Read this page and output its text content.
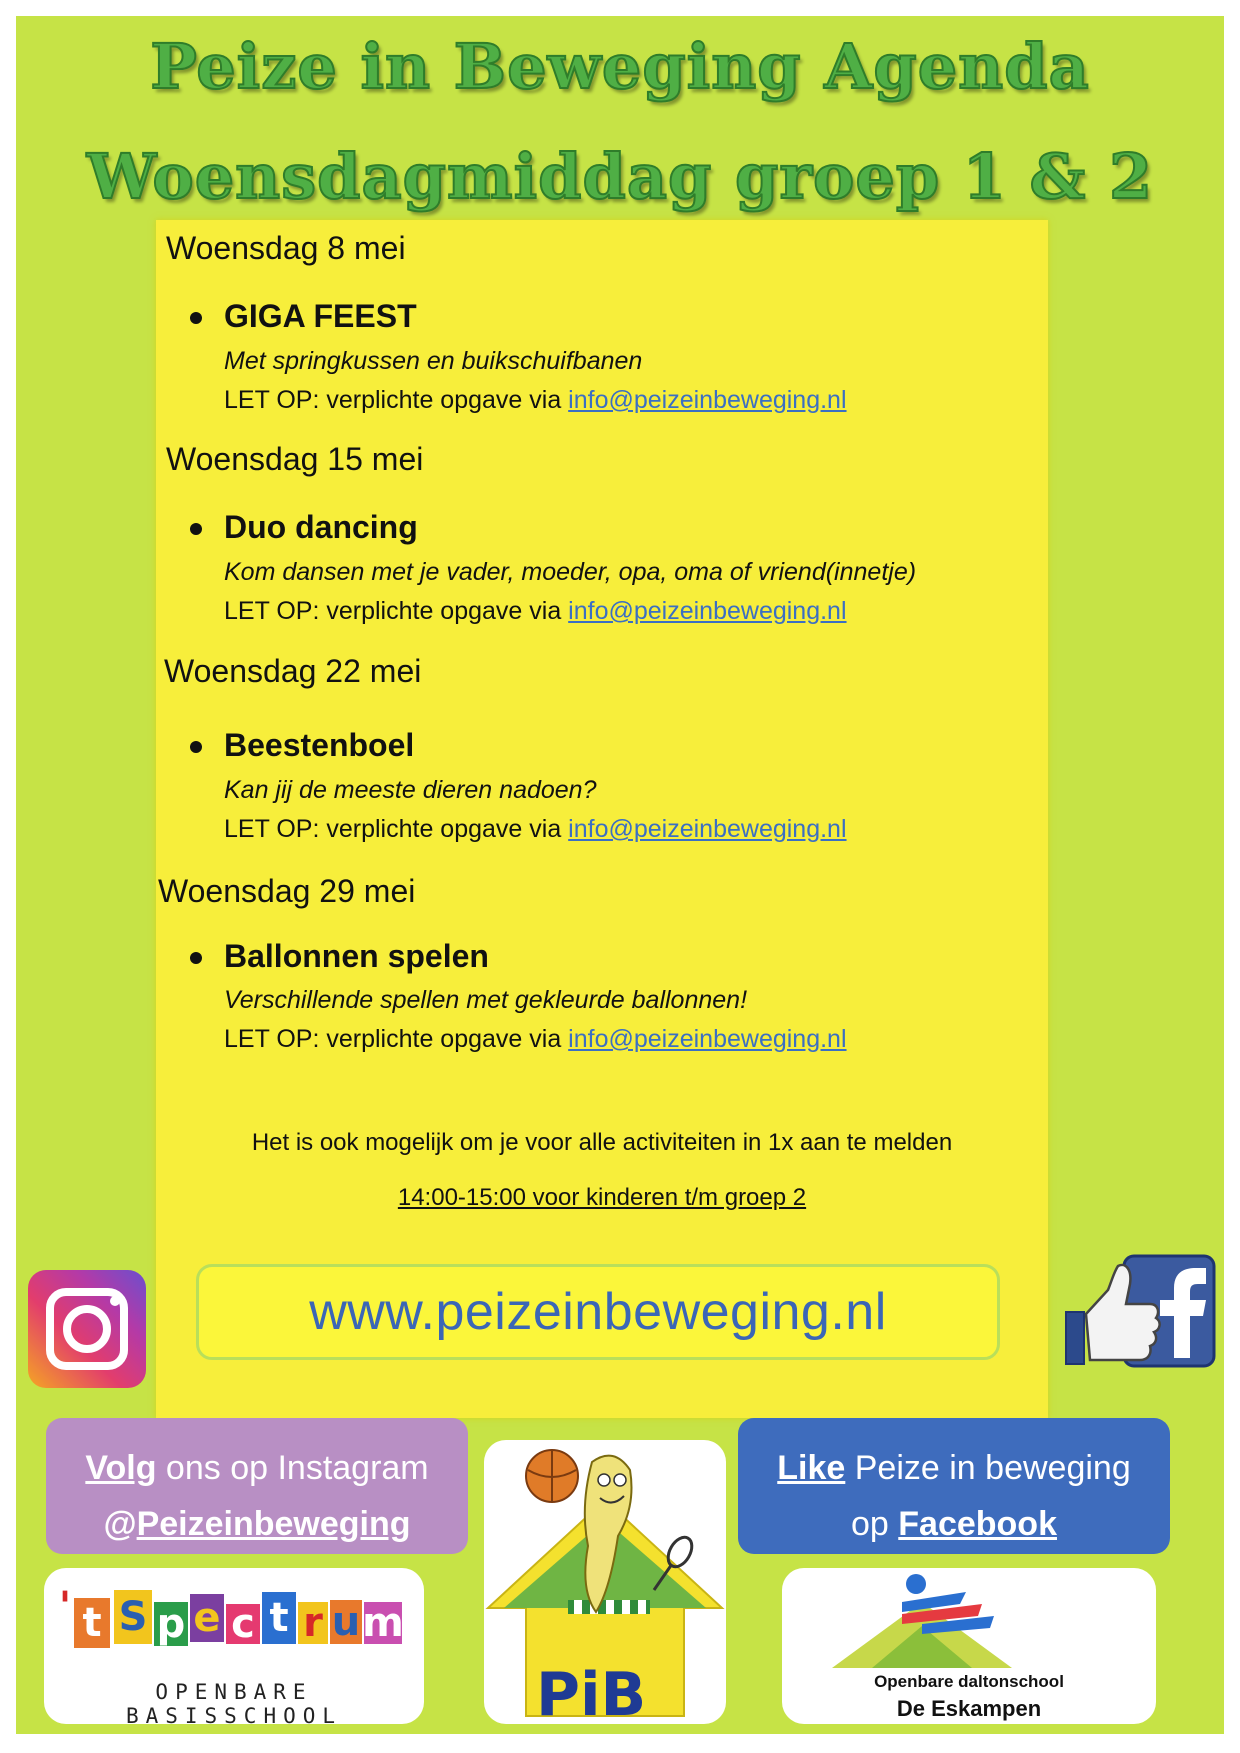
Peize in Beweging Agenda
Woensdagmiddag groep 1 & 2
Woensdag 8 mei
GIGA FEEST
Met springkussen en buikschuifbanen
LET OP: verplichte opgave via info@peizeinbeweging.nl
Woensdag 15 mei
Duo dancing
Kom dansen met je vader, moeder, opa, oma of vriend(innetje)
LET OP: verplichte opgave via info@peizeinbeweging.nl
Woensdag 22 mei
Beestenboel
Kan jij de meeste dieren nadoen?
LET OP: verplichte opgave via info@peizeinbeweging.nl
Woensdag 29 mei
Ballonnen spelen
Verschillende spellen met gekleurde ballonnen!
LET OP: verplichte opgave via info@peizeinbeweging.nl
Het is ook mogelijk om je voor alle activiteiten in 1x aan te melden
14:00-15:00 voor kinderen t/m groep 2
www.peizeinbeweging.nl
Volg ons op Instagram
@Peizeinbeweging
Like Peize in beweging
op Facebook
' t S p e c t r u m
OPENBARE BASISSCHOOL	PiB	Openbare daltonschool
De Eskampen
